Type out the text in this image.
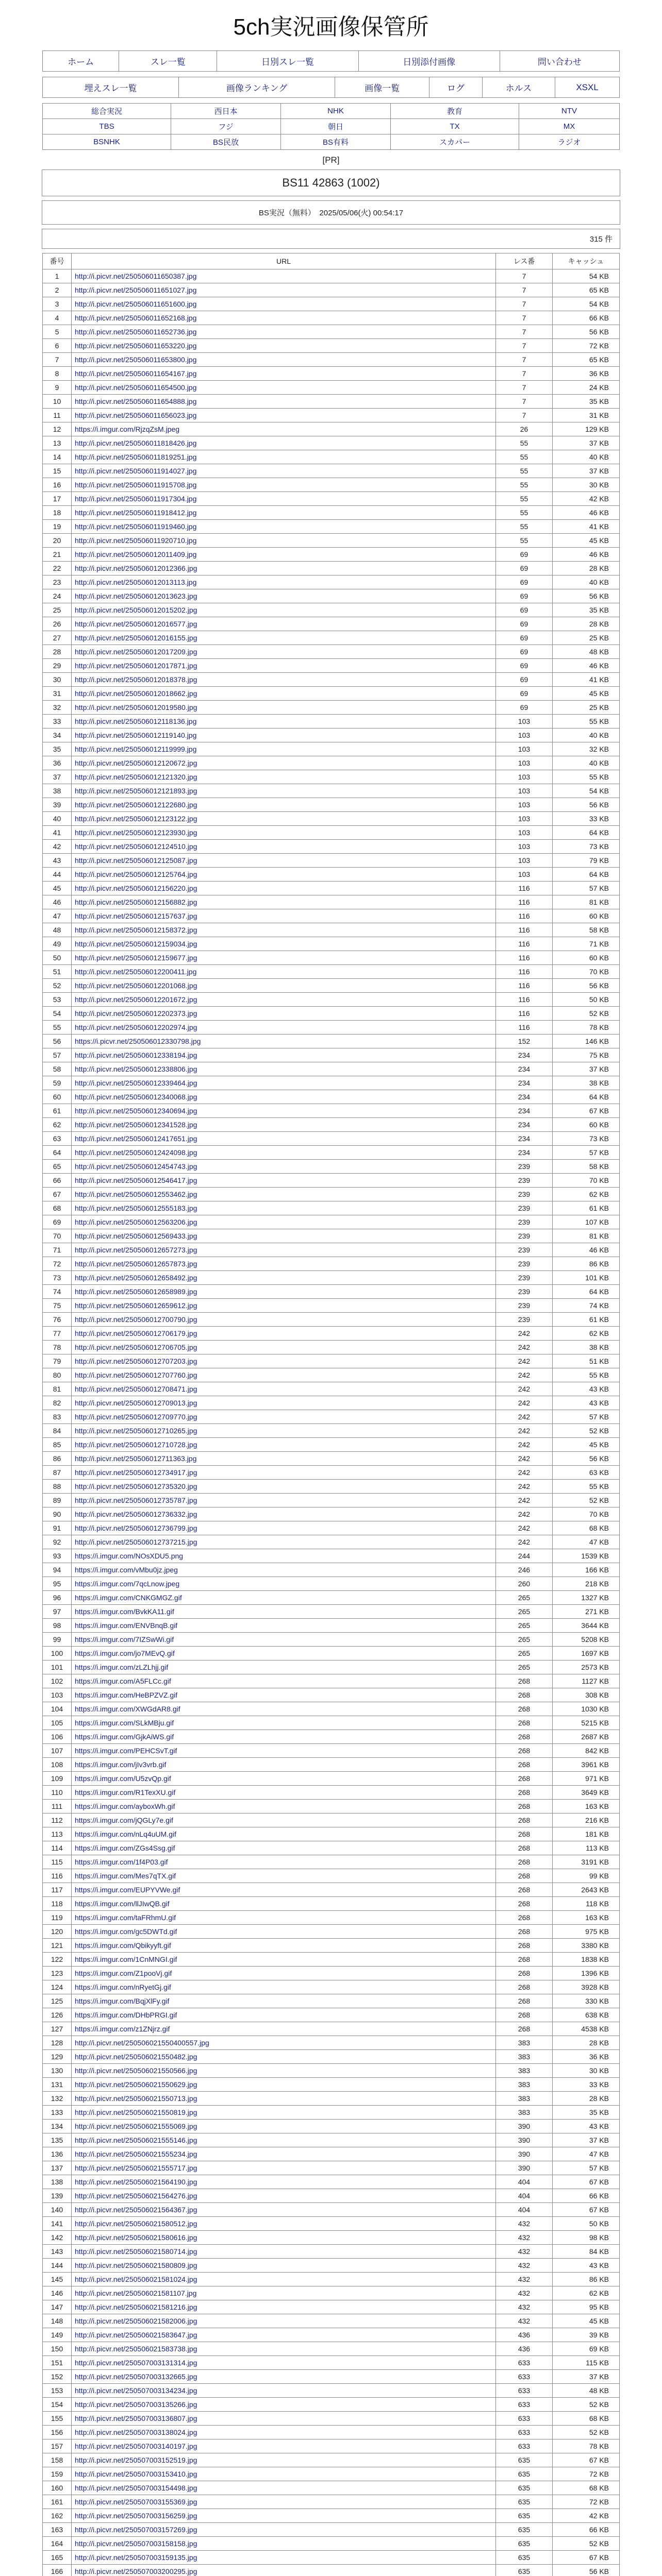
5ch実況画像保管所
ホーム	スレ一覧	日別スレ一覧	日別添付画像	問い合わせ
埋えスレ一覧	画像ランキング	画像一覧	ログ	ホルス	XSXL
総合実況	西日本	NHK	教育	NTV
TBS	フジ	朝日	TX	MX
BSNHK	BS民放	BS有料	スカパー	ラジオ
[PR]
BS11 42863 (1002)
BS実況（無料）　2025/05/06(火) 00:54:17
315 件
番号	URL	レス番	キャッシュ
1	http://i.picvr.net/250506011650387.jpg	7	54 KB
2	http://i.picvr.net/250506011651027.jpg	7	65 KB
3	http://i.picvr.net/250506011651600.jpg	7	54 KB
4	http://i.picvr.net/250506011652168.jpg	7	66 KB
5	http://i.picvr.net/250506011652736.jpg	7	56 KB
6	http://i.picvr.net/250506011653220.jpg	7	72 KB
7	http://i.picvr.net/250506011653800.jpg	7	65 KB
8	http://i.picvr.net/250506011654167.jpg	7	36 KB
9	http://i.picvr.net/250506011654500.jpg	7	24 KB
10	http://i.picvr.net/250506011654888.jpg	7	35 KB
11	http://i.picvr.net/250506011656023.jpg	7	31 KB
12	https://i.imgur.com/RjzqZsM.jpeg	26	129 KB
13	http://i.picvr.net/250506011818426.jpg	55	37 KB
14	http://i.picvr.net/250506011819251.jpg	55	40 KB
15	http://i.picvr.net/250506011914027.jpg	55	37 KB
16	http://i.picvr.net/250506011915708.jpg	55	30 KB
17	http://i.picvr.net/250506011917304.jpg	55	42 KB
18	http://i.picvr.net/250506011918412.jpg	55	46 KB
19	http://i.picvr.net/250506011919460.jpg	55	41 KB
20	http://i.picvr.net/250506011920710.jpg	55	45 KB
21	http://i.picvr.net/250506012011409.jpg	69	46 KB
22	http://i.picvr.net/250506012012366.jpg	69	28 KB
23	http://i.picvr.net/250506012013113.jpg	69	40 KB
24	http://i.picvr.net/250506012013623.jpg	69	56 KB
25	http://i.picvr.net/250506012015202.jpg	69	35 KB
26	http://i.picvr.net/250506012016577.jpg	69	28 KB
27	http://i.picvr.net/250506012016155.jpg	69	25 KB
28	http://i.picvr.net/250506012017209.jpg	69	48 KB
29	http://i.picvr.net/250506012017871.jpg	69	46 KB
30	http://i.picvr.net/250506012018378.jpg	69	41 KB
31	http://i.picvr.net/250506012018662.jpg	69	45 KB
32	http://i.picvr.net/250506012019580.jpg	69	25 KB
33	http://i.picvr.net/250506012118136.jpg	103	55 KB
34	http://i.picvr.net/250506012119140.jpg	103	40 KB
35	http://i.picvr.net/250506012119999.jpg	103	32 KB
36	http://i.picvr.net/250506012120672.jpg	103	40 KB
37	http://i.picvr.net/250506012121320.jpg	103	55 KB
38	http://i.picvr.net/250506012121893.jpg	103	54 KB
39	http://i.picvr.net/250506012122680.jpg	103	56 KB
40	http://i.picvr.net/250506012123122.jpg	103	33 KB
41	http://i.picvr.net/250506012123930.jpg	103	64 KB
42	http://i.picvr.net/250506012124510.jpg	103	73 KB
43	http://i.picvr.net/250506012125087.jpg	103	79 KB
44	http://i.picvr.net/250506012125764.jpg	103	64 KB
45	http://i.picvr.net/250506012156220.jpg	116	57 KB
46	http://i.picvr.net/250506012156882.jpg	116	81 KB
47	http://i.picvr.net/250506012157637.jpg	116	60 KB
48	http://i.picvr.net/250506012158372.jpg	116	58 KB
49	http://i.picvr.net/250506012159034.jpg	116	71 KB
50	http://i.picvr.net/250506012159677.jpg	116	60 KB
51	http://i.picvr.net/250506012200411.jpg	116	70 KB
52	http://i.picvr.net/250506012201068.jpg	116	56 KB
53	http://i.picvr.net/250506012201672.jpg	116	50 KB
54	http://i.picvr.net/250506012202373.jpg	116	52 KB
55	http://i.picvr.net/250506012202974.jpg	116	78 KB
56	https://i.picvr.net/250506012330798.jpg	152	146 KB
57	http://i.picvr.net/250506012338194.jpg	234	75 KB
58	http://i.picvr.net/250506012338806.jpg	234	37 KB
59	http://i.picvr.net/250506012339464.jpg	234	38 KB
60	http://i.picvr.net/250506012340068.jpg	234	64 KB
61	http://i.picvr.net/250506012340694.jpg	234	67 KB
62	http://i.picvr.net/250506012341528.jpg	234	60 KB
63	http://i.picvr.net/250506012417651.jpg	234	73 KB
64	http://i.picvr.net/250506012424098.jpg	234	57 KB
65	http://i.picvr.net/250506012454743.jpg	239	58 KB
66	http://i.picvr.net/250506012546417.jpg	239	70 KB
67	http://i.picvr.net/250506012553462.jpg	239	62 KB
68	http://i.picvr.net/250506012555183.jpg	239	61 KB
69	http://i.picvr.net/250506012563206.jpg	239	107 KB
70	http://i.picvr.net/250506012569433.jpg	239	81 KB
71	http://i.picvr.net/250506012657273.jpg	239	46 KB
72	http://i.picvr.net/250506012657873.jpg	239	86 KB
73	http://i.picvr.net/250506012658492.jpg	239	101 KB
74	http://i.picvr.net/250506012658989.jpg	239	64 KB
75	http://i.picvr.net/250506012659612.jpg	239	74 KB
76	http://i.picvr.net/250506012700790.jpg	239	61 KB
77	http://i.picvr.net/250506012706179.jpg	242	62 KB
78	http://i.picvr.net/250506012706705.jpg	242	38 KB
79	http://i.picvr.net/250506012707203.jpg	242	51 KB
80	http://i.picvr.net/250506012707760.jpg	242	55 KB
81	http://i.picvr.net/250506012708471.jpg	242	43 KB
82	http://i.picvr.net/250506012709013.jpg	242	43 KB
83	http://i.picvr.net/250506012709770.jpg	242	57 KB
84	http://i.picvr.net/250506012710265.jpg	242	52 KB
85	http://i.picvr.net/250506012710728.jpg	242	45 KB
86	http://i.picvr.net/250506012711363.jpg	242	56 KB
87	http://i.picvr.net/250506012734917.jpg	242	63 KB
88	http://i.picvr.net/250506012735320.jpg	242	55 KB
89	http://i.picvr.net/250506012735787.jpg	242	52 KB
90	http://i.picvr.net/250506012736332.jpg	242	70 KB
91	http://i.picvr.net/250506012736799.jpg	242	68 KB
92	http://i.picvr.net/250506012737215.jpg	242	47 KB
93	https://i.imgur.com/NOsXDU5.png	244	1539 KB
94	https://i.imgur.com/vMbu0jz.jpeg	246	166 KB
95	https://i.imgur.com/7qcLnow.jpeg	260	218 KB
96	https://i.imgur.com/CNKGMGZ.gif	265	1327 KB
97	https://i.imgur.com/BvkKA11.gif	265	271 KB
98	https://i.imgur.com/ENVBnqB.gif	265	3644 KB
99	https://i.imgur.com/7IZSwWi.gif	265	5208 KB
100	https://i.imgur.com/jo7MEvQ.gif	265	1697 KB
101	https://i.imgur.com/zLZLhjj.gif	265	2573 KB
102	https://i.imgur.com/A5FLCc.gif	268	1127 KB
103	https://i.imgur.com/HeBPZVZ.gif	268	308 KB
104	https://i.imgur.com/XWGdAR8.gif	268	1030 KB
105	https://i.imgur.com/SLkMBju.gif	268	5215 KB
106	https://i.imgur.com/GjkAiWS.gif	268	2687 KB
107	https://i.imgur.com/PEHCSvT.gif	268	842 KB
108	https://i.imgur.com/jIv3vrb.gif	268	3961 KB
109	https://i.imgur.com/U5zvQp.gif	268	971 KB
110	https://i.imgur.com/R1TexXU.gif	268	3649 KB
111	https://i.imgur.com/ayboxWh.gif	268	163 KB
112	https://i.imgur.com/jQGLy7e.gif	268	216 KB
113	https://i.imgur.com/nLq4uUM.gif	268	181 KB
114	https://i.imgur.com/ZGs4Ssg.gif	268	113 KB
115	https://i.imgur.com/1f4P03.gif	268	3191 KB
116	https://i.imgur.com/Mes7qTX.gif	268	99 KB
117	https://i.imgur.com/EUPYVWe.gif	268	2643 KB
118	https://i.imgur.com/llJIwQB.gif	268	118 KB
119	https://i.imgur.com/taFRhmU.gif	268	163 KB
120	https://i.imgur.com/gc5DWTd.gif	268	975 KB
121	https://i.imgur.com/Qbikyyft.gif	268	3380 KB
122	https://i.imgur.com/1CnMNGI.gif	268	1838 KB
123	https://i.imgur.com/Z1pooVj.gif	268	1396 KB
124	https://i.imgur.com/nRyetGj.gif	268	3928 KB
125	https://i.imgur.com/BqjXlFy.gif	268	330 KB
126	https://i.imgur.com/DHbPRGI.gif	268	638 KB
127	https://i.imgur.com/z1ZNjrz.gif	268	4538 KB
128	http://i.picvr.net/250506021550400557.jpg	383	28 KB
129	http://i.picvr.net/250506021550482.jpg	383	36 KB
130	http://i.picvr.net/250506021550566.jpg	383	30 KB
131	http://i.picvr.net/250506021550629.jpg	383	33 KB
132	http://i.picvr.net/250506021550713.jpg	383	28 KB
133	http://i.picvr.net/250506021550819.jpg	383	35 KB
134	http://i.picvr.net/250506021555069.jpg	390	43 KB
135	http://i.picvr.net/250506021555146.jpg	390	37 KB
136	http://i.picvr.net/250506021555234.jpg	390	47 KB
137	http://i.picvr.net/250506021555717.jpg	390	57 KB
138	http://i.picvr.net/250506021564190.jpg	404	67 KB
139	http://i.picvr.net/250506021564276.jpg	404	66 KB
140	http://i.picvr.net/250506021564367.jpg	404	67 KB
141	http://i.picvr.net/250506021580512.jpg	432	50 KB
142	http://i.picvr.net/250506021580616.jpg	432	98 KB
143	http://i.picvr.net/250506021580714.jpg	432	84 KB
144	http://i.picvr.net/250506021580809.jpg	432	43 KB
145	http://i.picvr.net/250506021581024.jpg	432	86 KB
146	http://i.picvr.net/250506021581107.jpg	432	62 KB
147	http://i.picvr.net/250506021581216.jpg	432	95 KB
148	http://i.picvr.net/250506021582006.jpg	432	45 KB
149	http://i.picvr.net/250506021583647.jpg	436	39 KB
150	http://i.picvr.net/250506021583738.jpg	436	69 KB
151	http://i.picvr.net/250507003131314.jpg	633	115 KB
152	http://i.picvr.net/250507003132665.jpg	633	37 KB
153	http://i.picvr.net/250507003134234.jpg	633	48 KB
154	http://i.picvr.net/250507003135266.jpg	633	52 KB
155	http://i.picvr.net/250507003136807.jpg	633	68 KB
156	http://i.picvr.net/250507003138024.jpg	633	52 KB
157	http://i.picvr.net/250507003140197.jpg	633	78 KB
158	http://i.picvr.net/250507003152519.jpg	635	67 KB
159	http://i.picvr.net/250507003153410.jpg	635	72 KB
160	http://i.picvr.net/250507003154498.jpg	635	68 KB
161	http://i.picvr.net/250507003155369.jpg	635	72 KB
162	http://i.picvr.net/250507003156259.jpg	635	42 KB
163	http://i.picvr.net/250507003157269.jpg	635	66 KB
164	http://i.picvr.net/250507003158158.jpg	635	52 KB
165	http://i.picvr.net/250507003159135.jpg	635	67 KB
166	http://i.picvr.net/250507003200295.jpg	635	56 KB
